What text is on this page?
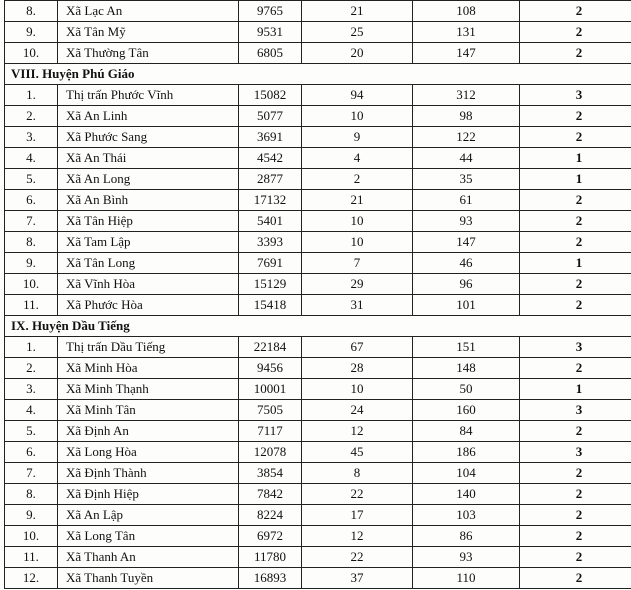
8.	Xã Lạc An	9765	21	108	2
9.	Xã Tân Mỹ	9531	25	131	2
10.	Xã Thường Tân	6805	20	147	2
VIII. Huyện Phú Giáo					
1.	Thị trấn Phước Vĩnh	15082	94	312	3
2.	Xã An Linh	5077	10	98	2
3.	Xã Phước Sang	3691	9	122	2
4.	Xã An Thái	4542	4	44	1
5.	Xã An Long	2877	2	35	1
6.	Xã An Bình	17132	21	61	2
7.	Xã Tân Hiệp	5401	10	93	2
8.	Xã Tam Lập	3393	10	147	2
9.	Xã Tân Long	7691	7	46	1
10.	Xã Vĩnh Hòa	15129	29	96	2
11.	Xã Phước Hòa	15418	31	101	2
IX. Huyện Dầu Tiếng					
1.	Thị trấn Dầu Tiếng	22184	67	151	3
2.	Xã Minh Hòa	9456	28	148	2
3.	Xã Minh Thạnh	10001	10	50	1
4.	Xã Minh Tân	7505	24	160	3
5.	Xã Định An	7117	12	84	2
6.	Xã Long Hòa	12078	45	186	3
7.	Xã Định Thành	3854	8	104	2
8.	Xã Định Hiệp	7842	22	140	2
9.	Xã An Lập	8224	17	103	2
10.	Xã Long Tân	6972	12	86	2
11.	Xã Thanh An	11780	22	93	2
12.	Xã Thanh Tuyền	16893	37	110	2
